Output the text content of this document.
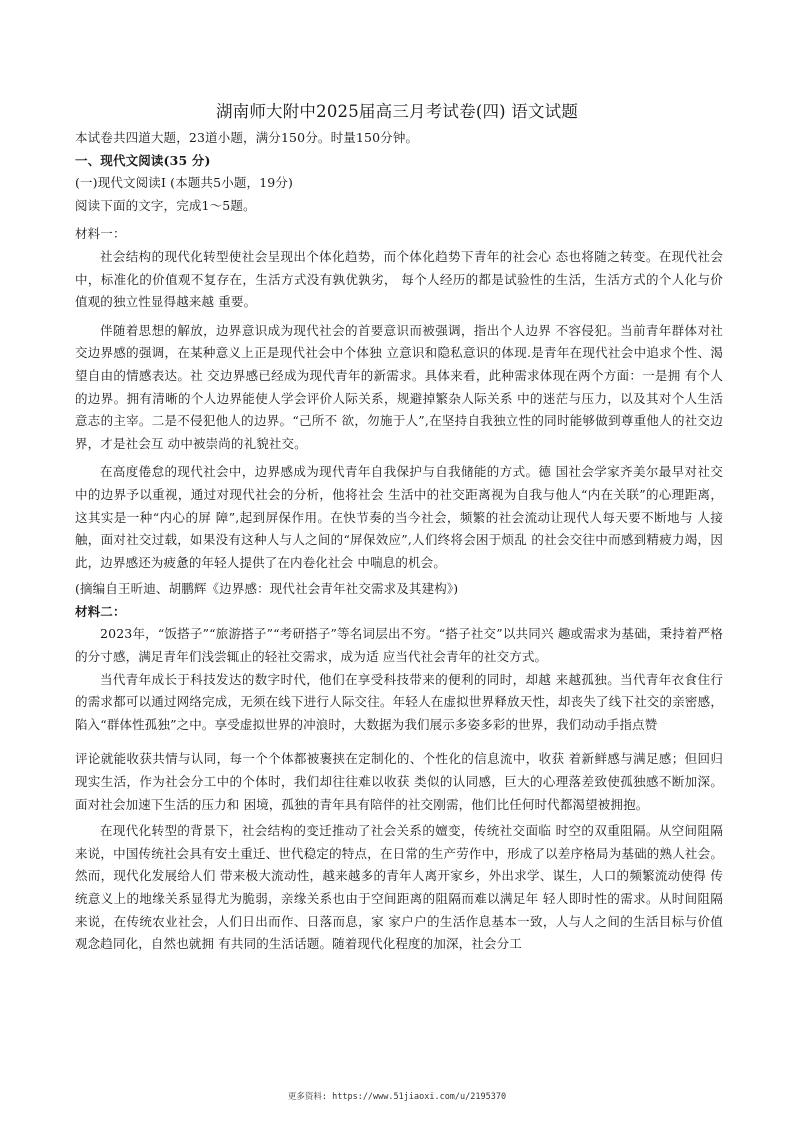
湖南师大附中2025届高三月考试卷(四) 语文试题

本试卷共四道大题，23道小题，满分150分。时量150分钟。

一、现代文阅读(35 分)

(一)现代文阅读Ⅰ (本题共5小题，19分)

阅读下面的文字，完成1～5题。

材料一：

社会结构的现代化转型使社会呈现出个体化趋势，而个体化趋势下青年的社会心 态也将随之转变。在现代社会中，标准化的价值观不复存在，生活方式没有孰优孰劣， 每个人经历的都是试验性的生活，生活方式的个人化与价值观的独立性显得越来越 重要。

伴随着思想的解放，边界意识成为现代社会的首要意识而被强调，指出个人边界 不容侵犯。当前青年群体对社交边界感的强调，在某种意义上正是现代社会中个体独 立意识和隐私意识的体现.是青年在现代社会中追求个性、渴望自由的情感表达。社 交边界感已经成为现代青年的新需求。具体来看，此种需求体现在两个方面：一是拥 有个人的边界。拥有清晰的个人边界能使人学会评价人际关系，规避掉繁杂人际关系 中的迷茫与压力，以及其对个人生活意志的主宰。二是不侵犯他人的边界。“己所不 欲，勿施于人”,在坚持自我独立性的同时能够做到尊重他人的社交边界，才是社会互 动中被崇尚的礼貌社交。

在高度倦怠的现代社会中，边界感成为现代青年自我保护与自我储能的方式。德 国社会学家齐美尔最早对社交中的边界予以重视，通过对现代社会的分析，他将社会 生活中的社交距离视为自我与他人“内在关联”的心理距离，这其实是一种“内心的屏 障”,起到屏保作用。在快节奏的当今社会，频繁的社会流动让现代人每天要不断地与 人接触，面对社交过载，如果没有这种人与人之间的“屏保效应”,人们终将会困于烦乱 的社会交往中而感到精疲力竭，因此，边界感还为疲惫的年轻人提供了在内卷化社会 中喘息的机会。

(摘编自王昕迪、胡鹏辉《边界感：现代社会青年社交需求及其建构》)

材料二：

2023年，“饭搭子”“旅游搭子”“考研搭子”等名词层出不穷。“搭子社交”以共同兴 趣或需求为基础，秉持着严格的分寸感，满足青年们浅尝辄止的轻社交需求，成为适 应当代社会青年的社交方式。

当代青年成长于科技发达的数字时代，他们在享受科技带来的便利的同时，却越 来越孤独。当代青年衣食住行的需求都可以通过网络完成，无须在线下进行人际交往。年轻人在虚拟世界释放天性，却丧失了线下社交的亲密感，陷入“群体性孤独”之中。享受虚拟世界的冲浪时，大数据为我们展示多姿多彩的世界，我们动动手指点赞

评论就能收获共情与认同，每一个个体都被裹挟在定制化的、个性化的信息流中，收获 着新鲜感与满足感；但回归现实生活，作为社会分工中的个体时，我们却往往难以收获 类似的认同感，巨大的心理落差致使孤独感不断加深。面对社会加速下生活的压力和 困境，孤独的青年具有陪伴的社交刚需，他们比任何时代都渴望被拥抱。

在现代化转型的背景下，社会结构的变迁推动了社会关系的嬗变，传统社交面临 时空的双重阻隔。从空间阻隔来说，中国传统社会具有安土重迁、世代稳定的特点，在日常的生产劳作中，形成了以差序格局为基础的熟人社会。然而，现代化发展给人们 带来极大流动性，越来越多的青年人离开家乡，外出求学、谋生，人口的频繁流动使得 传统意义上的地缘关系显得尤为脆弱，亲缘关系也由于空间距离的阻隔而难以满足年 轻人即时性的需求。从时间阻隔来说，在传统农业社会，人们日出而作、日落而息，家 家户户的生活作息基本一致，人与人之间的生活目标与价值观念趋同化，自然也就拥 有共同的生活话题。随着现代化程度的加深，社会分工

更多资料: https://www.51jiaoxi.com/u/2195370
